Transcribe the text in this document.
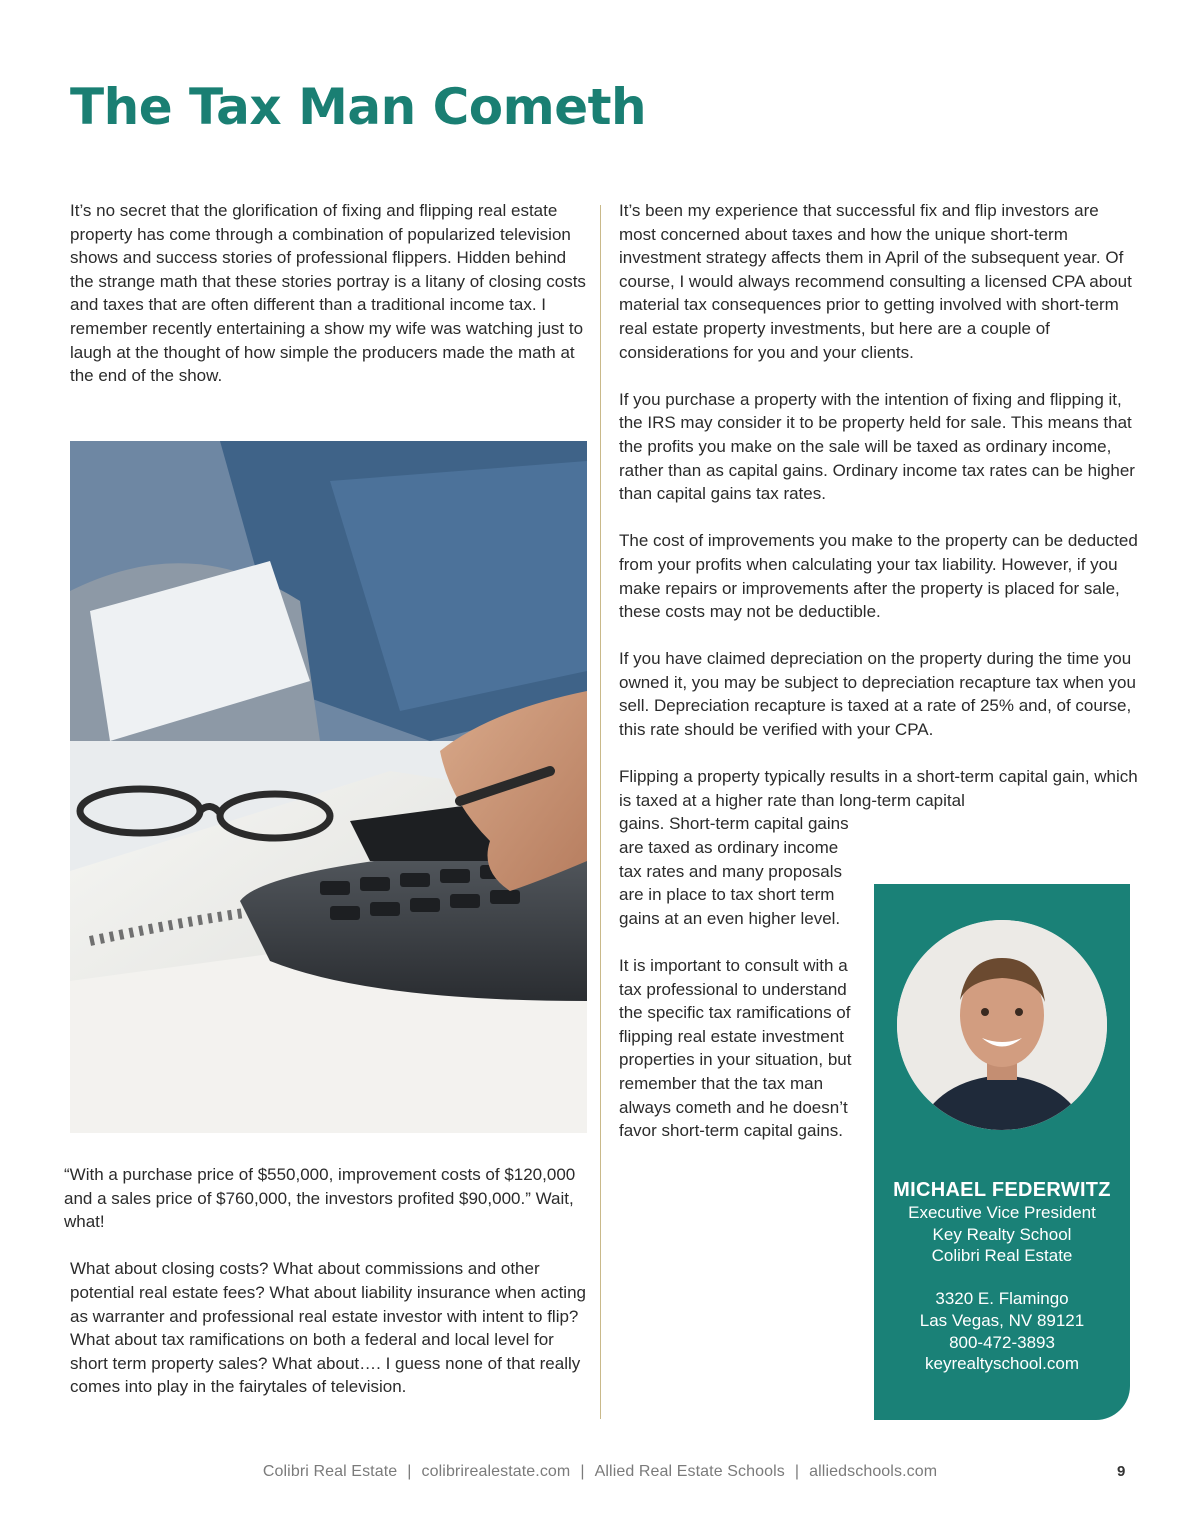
The Tax Man Cometh

It’s no secret that the glorification of fixing and flipping real estate property has come through a combination of popularized television shows and success stories of professional flippers. Hidden behind the strange math that these stories portray is a litany of closing costs and taxes that are often different than a traditional income tax. I remember recently entertaining a show my wife was watching just to laugh at the thought of how simple the producers made the math at the end of the show.

“With a purchase price of $550,000, improvement costs of $120,000 and a sales price of $760,000, the investors profited $90,000.” Wait, what!

What about closing costs? What about commissions and other potential real estate fees? What about liability insurance when acting as warranter and professional real estate investor with intent to flip? What about tax ramifications on both a federal and local level for short term property sales? What about…. I guess none of that really comes into play in the fairytales of television.

It’s been my experience that successful fix and flip investors are most concerned about taxes and how the unique short-term investment strategy affects them in April of the subsequent year. Of course, I would always recommend consulting a licensed CPA about material tax consequences prior to getting involved with short-term real estate property investments, but here are a couple of considerations for you and your clients.

If you purchase a property with the intention of fixing and flipping it, the IRS may consider it to be property held for sale. This means that the profits you make on the sale will be taxed as ordinary income, rather than as capital gains. Ordinary income tax rates can be higher than capital gains tax rates.

The cost of improvements you make to the property can be deducted from your profits when calculating your tax liability. However, if you make repairs or improvements after the property is placed for sale, these costs may not be deductible.

If you have claimed depreciation on the property during the time you owned it, you may be subject to depreciation recapture tax when you sell. Depreciation recapture is taxed at a rate of 25% and, of course, this rate should be verified with your CPA.

Flipping a property typically results in a short-term capital gain, which is taxed at a higher rate than long-term capital

gains. Short-term capital gains are taxed as ordinary income tax rates and many proposals are in place to tax short term gains at an even higher level.

It is important to consult with a tax professional to understand the specific tax ramifications of flipping real estate investment properties in your situation, but remember that the tax man always cometh and he doesn’t favor short-term capital gains.

MICHAEL FEDERWITZ
Executive Vice President
Key Realty School
Colibri Real Estate
3320 E. Flamingo
Las Vegas, NV 89121
800-472-3893
keyrealtyschool.com
Colibri Real Estate | colibrirealestate.com | Allied Real Estate Schools | alliedschools.com	9
